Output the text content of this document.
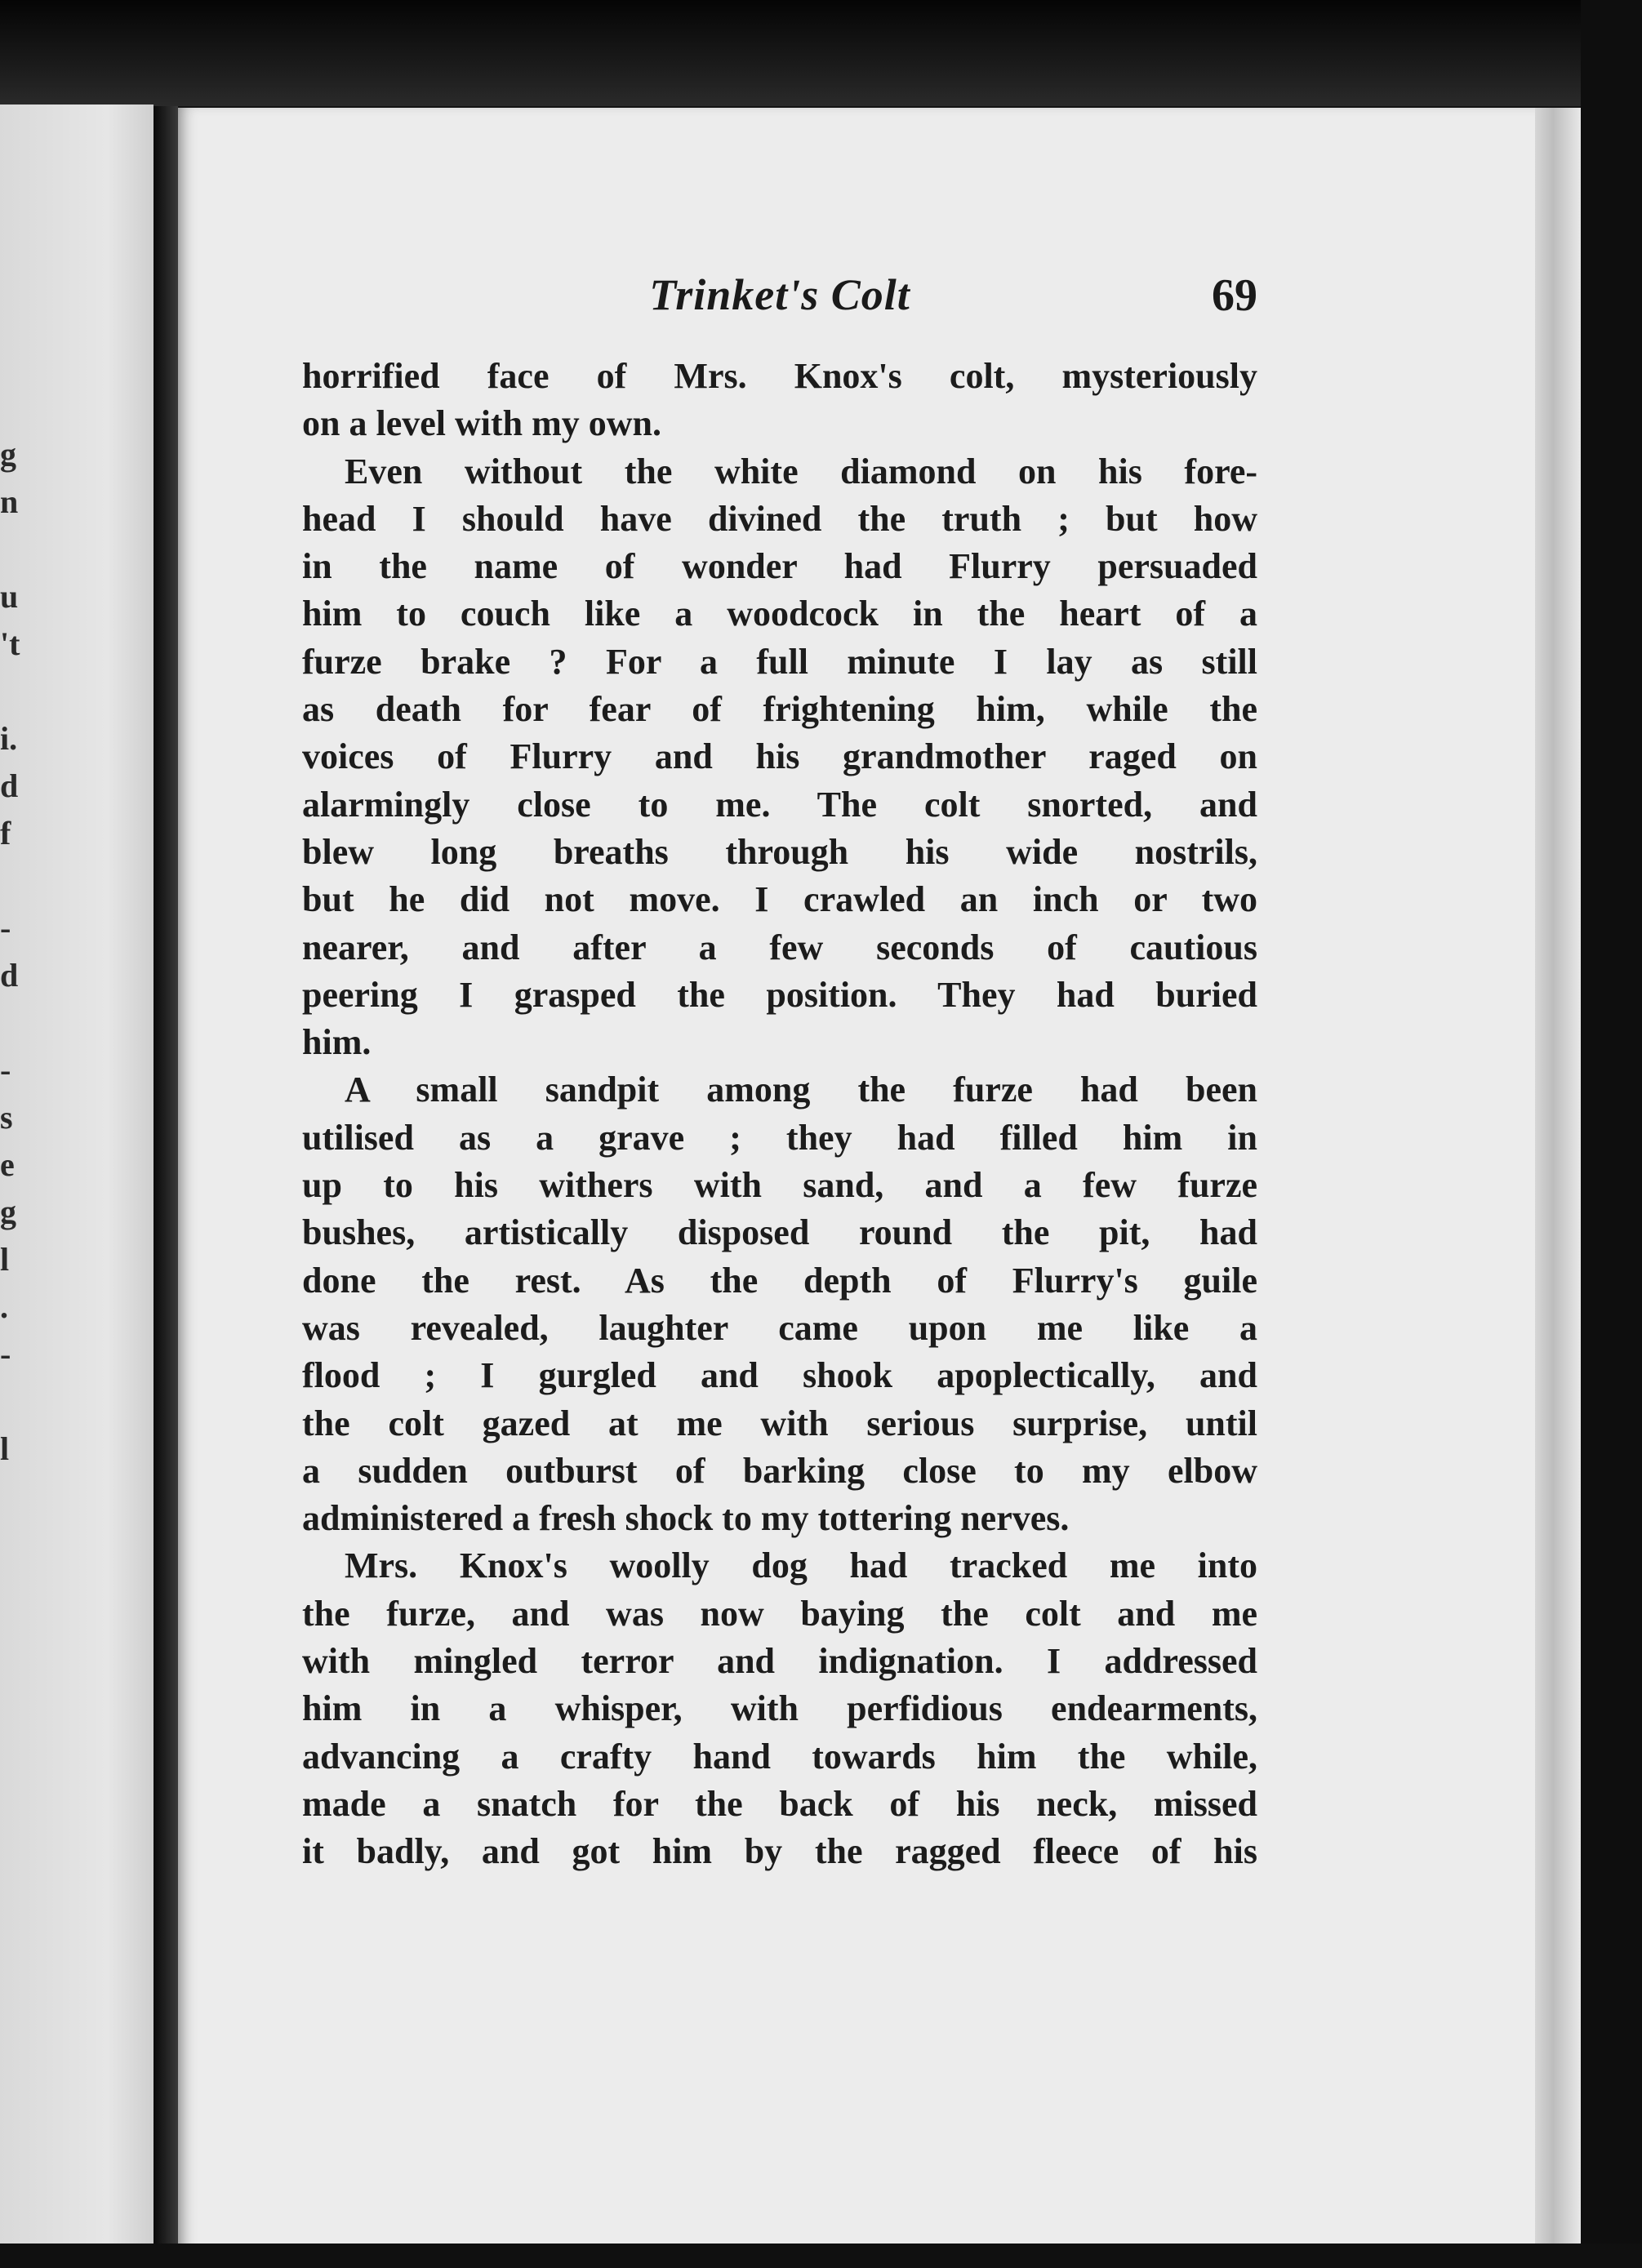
g
n
u
't
i.
d
f
-
d
-
s
e
g
l
.
-
l
Trinket's Colt	69
horrified face of Mrs. Knox's colt, mysteriously
on a level with my own.
Even without the white diamond on his fore-
head I should have divined the truth ; but how
in the name of wonder had Flurry persuaded
him to couch like a woodcock in the heart of a
furze brake ? For a full minute I lay as still
as death for fear of frightening him, while the
voices of Flurry and his grandmother raged on
alarmingly close to me. The colt snorted, and
blew long breaths through his wide nostrils,
but he did not move. I crawled an inch or two
nearer, and after a few seconds of cautious
peering I grasped the position. They had buried
him.
A small sandpit among the furze had been
utilised as a grave ; they had filled him in
up to his withers with sand, and a few furze
bushes, artistically disposed round the pit, had
done the rest. As the depth of Flurry's guile
was revealed, laughter came upon me like a
flood ; I gurgled and shook apoplectically, and
the colt gazed at me with serious surprise, until
a sudden outburst of barking close to my elbow
administered a fresh shock to my tottering nerves.
Mrs. Knox's woolly dog had tracked me into
the furze, and was now baying the colt and me
with mingled terror and indignation. I addressed
him in a whisper, with perfidious endearments,
advancing a crafty hand towards him the while,
made a snatch for the back of his neck, missed
it badly, and got him by the ragged fleece of his
